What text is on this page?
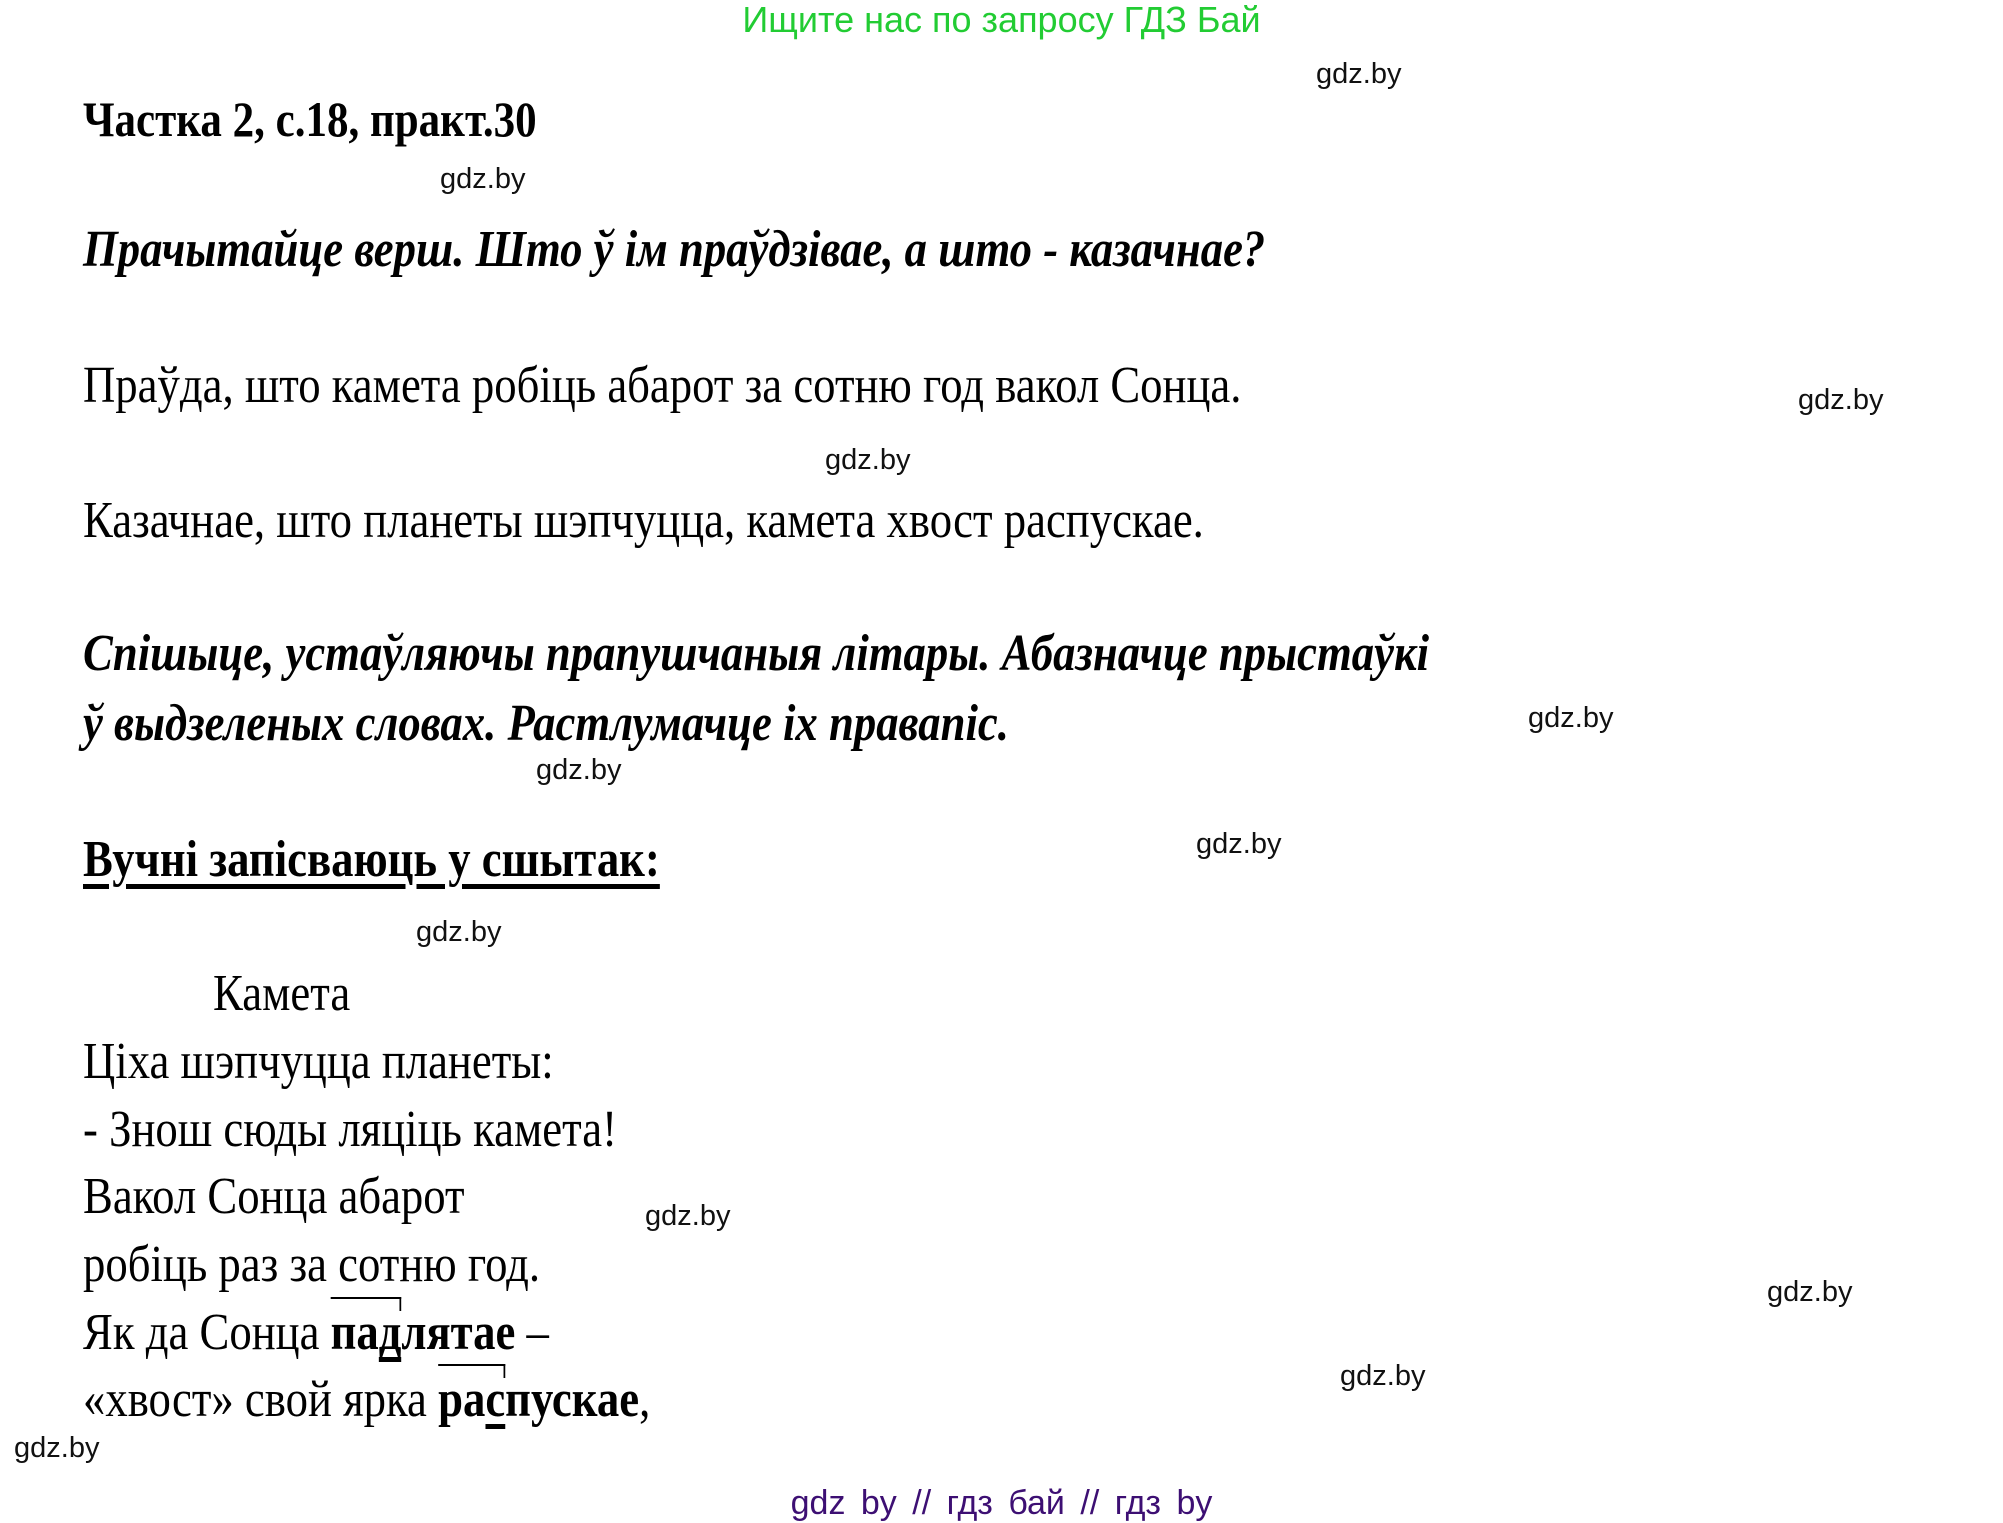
Ищите нас по запросу ГДЗ Бай
gdz.by
Частка 2, с.18, практ.30
gdz.by
Прачытайце верш. Што ў ім праўдзівае, а што - казачнае?
Праўда, што камета робіць абарот за сотню год вакол Сонца.	gdz.by
gdz.by
Казачнае, што планеты шэпчуцца, камета хвост распускае.
Спішыце, устаўляючы прапушчаныя літары. Абазначце прыстаўкі
ў выдзеленых словах. Растлумачце іх правапіс.	gdz.by
gdz.by
Вучні запісваюць у сшытак:	gdz.by
gdz.by
Камета
Ціха шэпчуцца планеты:
- Знош сюды ляціць камета!
Вакол Сонца абарот	gdz.by
робіць раз за сотню год.	gdz.by
Як да Сонца падлятае –
gdz.by
«хвост» свой ярка распускае,
gdz.by
gdz by // гдз бай // гдз by
